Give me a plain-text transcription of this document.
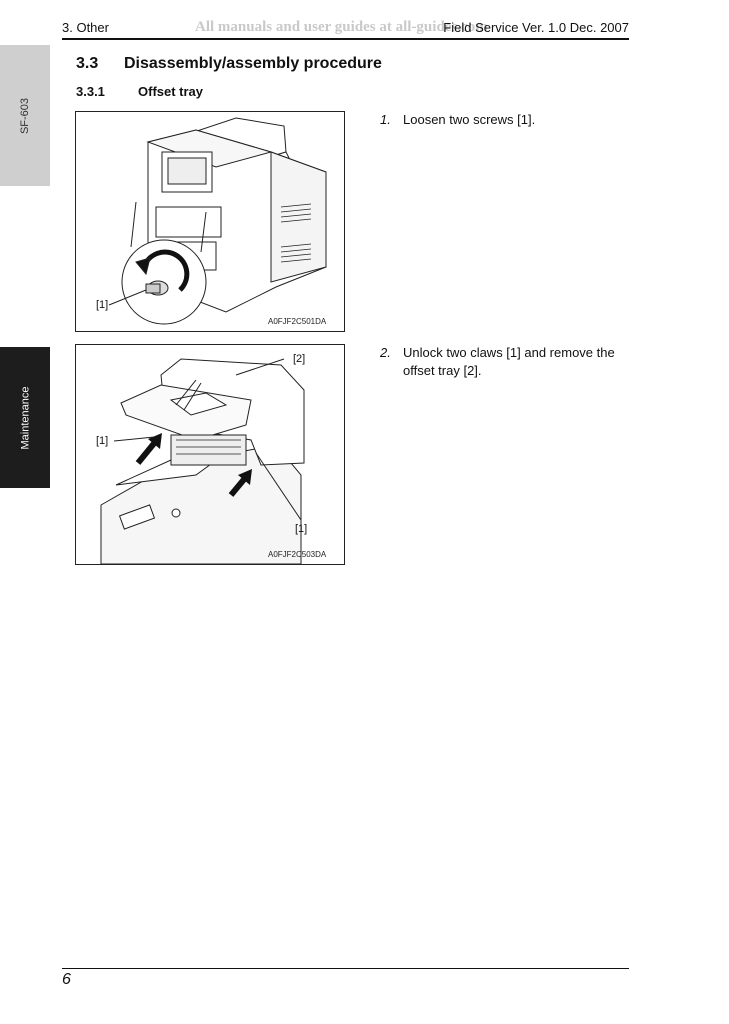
3. Other	All manuals and user guides at all-guides.com
Field Service Ver. 1.0 Dec. 2007
SF-603
Maintenance
3.3	Disassembly/assembly procedure
3.3.1	Offset tray
[1]
A0FJF2C501DA
[2]
[1]
[1]
A0FJF2C503DA
1. Loosen two screws [1].
2. Unlock two claws [1] and remove the offset tray [2].
6
